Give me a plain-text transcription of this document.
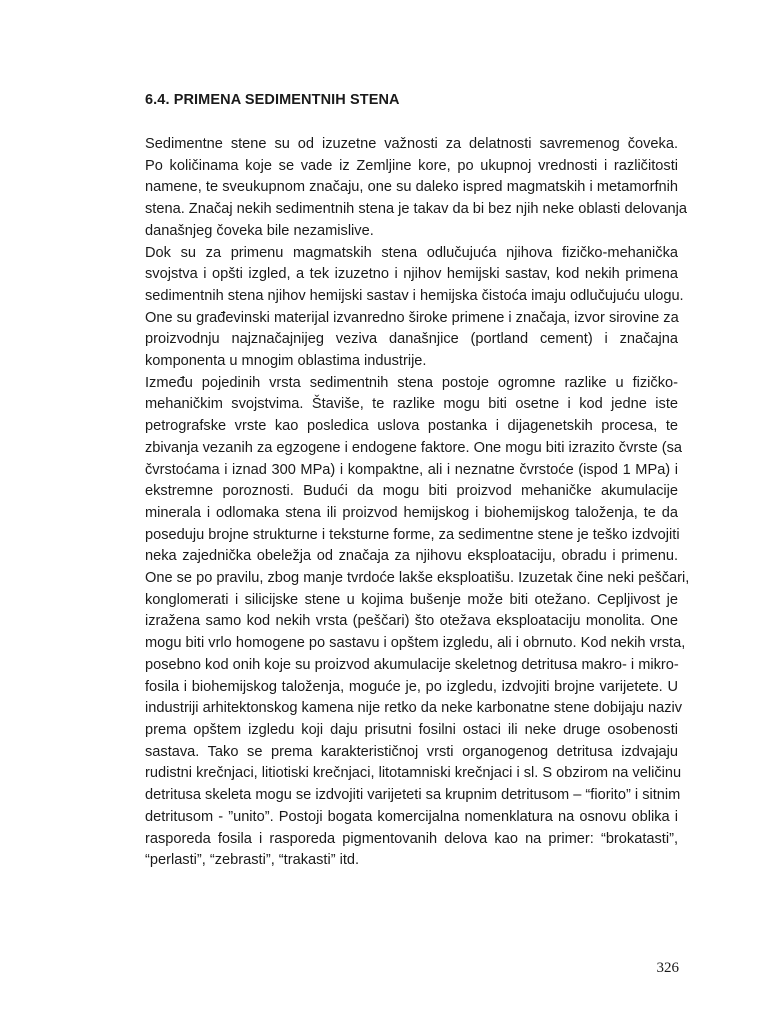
6.4. PRIMENA SEDIMENTNIH STENA
Sedimentne stene su od izuzetne važnosti za delatnosti savremenog čoveka.
Po količinama koje se vade iz Zemljine kore, po ukupnoj vrednosti i različitosti
namene, te sveukupnom značaju, one su daleko ispred magmatskih i metamorfnih
stena. Značaj nekih sedimentnih stena je takav da bi bez njih neke oblasti delovanja
današnjeg čoveka bile nezamislive.
Dok su za primenu magmatskih stena odlučujuća njihova fizičko-mehanička
svojstva i opšti izgled, a tek izuzetno i njihov hemijski sastav, kod nekih primena
sedimentnih stena njihov hemijski sastav i hemijska čistoća imaju odlučujuću ulogu.
One su građevinski materijal izvanredno široke primene i značaja, izvor sirovine za
proizvodnju najznačajnijeg veziva današnjice (portland cement) i značajna
komponenta u mnogim oblastima industrije.
Između pojedinih vrsta sedimentnih stena postoje ogromne razlike u fizičko-
mehaničkim svojstvima. Štaviše, te razlike mogu biti osetne i kod jedne iste
petrografske vrste kao posledica uslova postanka i dijagenetskih procesa, te
zbivanja vezanih za egzogene i endogene faktore. One mogu biti izrazito čvrste (sa
čvrstoćama i iznad 300 MPa) i kompaktne, ali i neznatne čvrstoće (ispod 1 MPa) i
ekstremne poroznosti. Budući da mogu biti proizvod mehaničke akumulacije
minerala i odlomaka stena ili proizvod hemijskog i biohemijskog taloženja, te da
poseduju brojne strukturne i teksturne forme, za sedimentne stene je teško izdvojiti
neka zajednička obeležja od značaja za njihovu eksploataciju, obradu i primenu.
One se po pravilu, zbog manje tvrdoće lakše eksploatišu. Izuzetak čine neki peščari,
konglomerati i silicijske stene u kojima bušenje može biti otežano. Cepljivost je
izražena samo kod nekih vrsta (peščari) što otežava eksploataciju monolita. One
mogu biti vrlo homogene po sastavu i opštem izgledu, ali i obrnuto. Kod nekih vrsta,
posebno kod onih koje su proizvod akumulacije skeletnog detritusa makro- i mikro-
fosila i biohemijskog taloženja, moguće je, po izgledu, izdvojiti brojne varijetete. U
industriji arhitektonskog kamena nije retko da neke karbonatne stene dobijaju naziv
prema opštem izgledu koji daju prisutni fosilni ostaci ili neke druge osobenosti
sastava. Tako se prema karakterističnoj vrsti organogenog detritusa izdvajaju
rudistni krečnjaci, litiotiski krečnjaci, litotamniski krečnjaci i sl. S obzirom na veličinu
detritusa skeleta mogu se izdvojiti varijeteti sa krupnim detritusom – “fiorito” i sitnim
detritusom - ”unito”. Postoji bogata komercijalna nomenklatura na osnovu oblika i
rasporeda fosila i rasporeda pigmentovanih delova kao na primer: “brokatasti”,
“perlasti”, “zebrasti”, “trakasti” itd.
326
